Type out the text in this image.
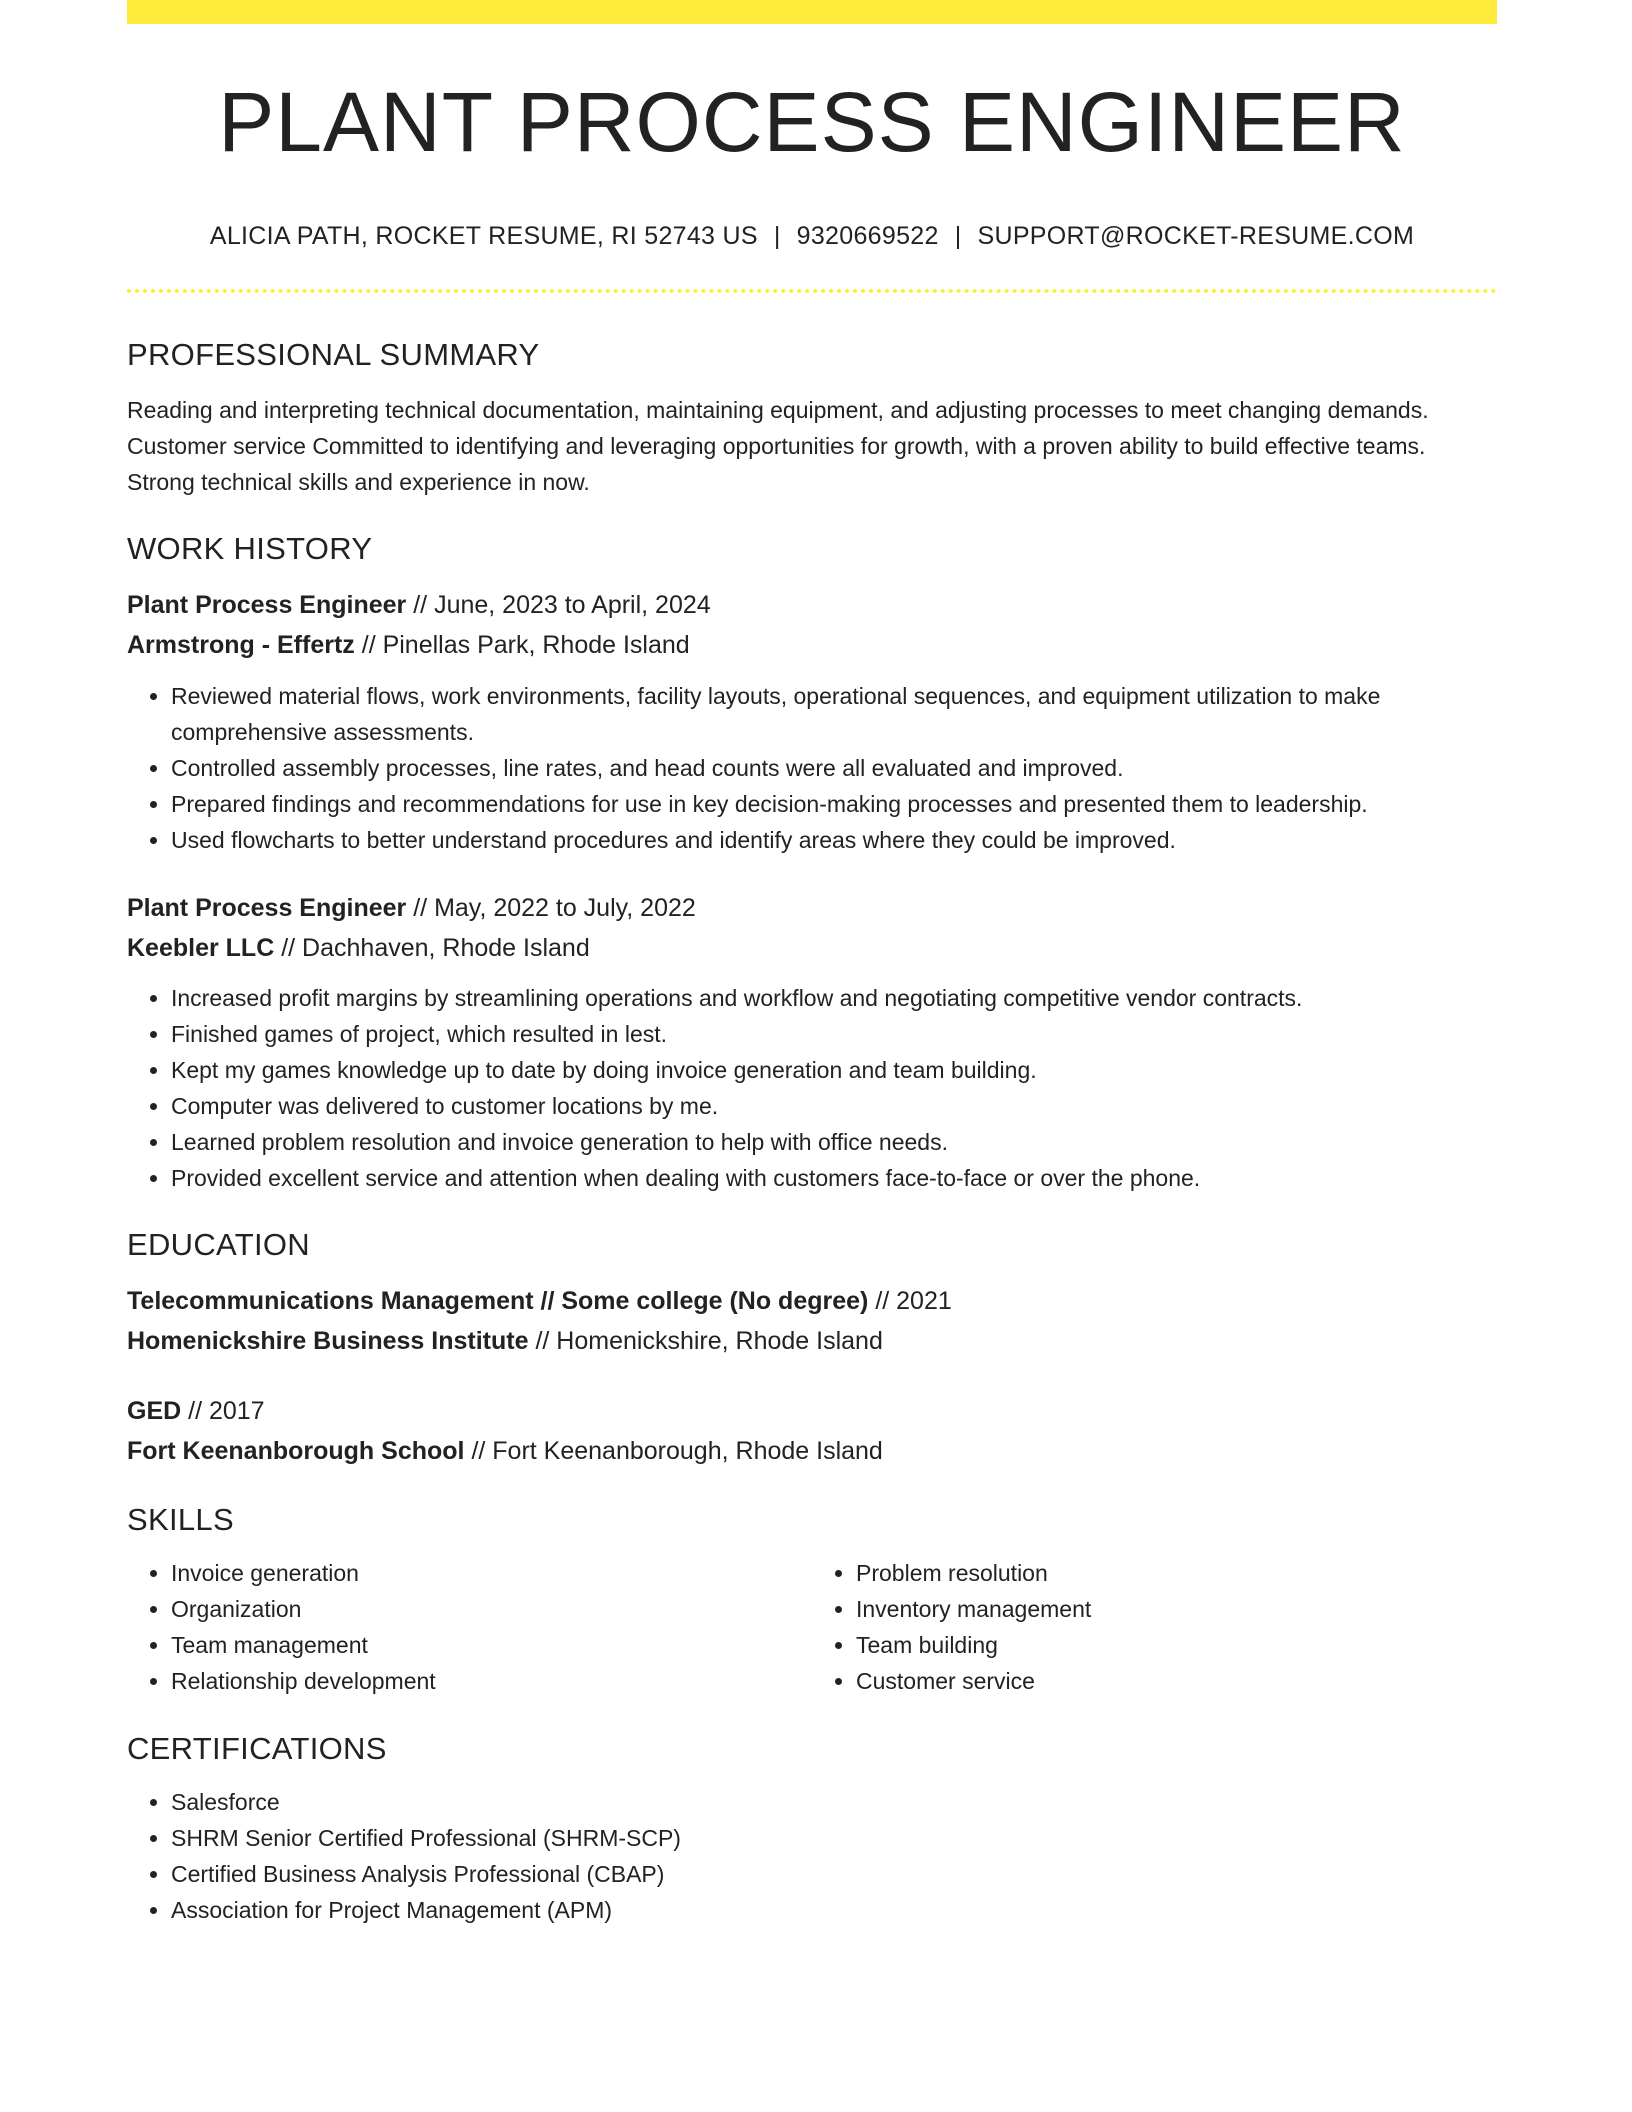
PLANT PROCESS ENGINEER
ALICIA PATH, ROCKET RESUME, RI 52743 US | 9320669522 | SUPPORT@ROCKET-RESUME.COM
PROFESSIONAL SUMMARY

Reading and interpreting technical documentation, maintaining equipment, and adjusting processes to meet changing demands. Customer service Committed to identifying and leveraging opportunities for growth, with a proven ability to build effective teams. Strong technical skills and experience in now.

WORK HISTORY

Plant Process Engineer // June, 2023 to April, 2024

Armstrong - Effertz // Pinellas Park, Rhode Island

• Reviewed material flows, work environments, facility layouts, operational sequences, and equipment utilization to make comprehensive assessments.
• Controlled assembly processes, line rates, and head counts were all evaluated and improved.
• Prepared findings and recommendations for use in key decision-making processes and presented them to leadership.
• Used flowcharts to better understand procedures and identify areas where they could be improved.

Plant Process Engineer // May, 2022 to July, 2022

Keebler LLC // Dachhaven, Rhode Island

• Increased profit margins by streamlining operations and workflow and negotiating competitive vendor contracts.
• Finished games of project, which resulted in lest.
• Kept my games knowledge up to date by doing invoice generation and team building.
• Computer was delivered to customer locations by me.
• Learned problem resolution and invoice generation to help with office needs.
• Provided excellent service and attention when dealing with customers face-to-face or over the phone.
EDUCATION

Telecommunications Management // Some college (No degree) // 2021

Homenickshire Business Institute // Homenickshire, Rhode Island

GED // 2017

Fort Keenanborough School // Fort Keenanborough, Rhode Island

SKILLS
• Invoice generation
• Organization
• Team management
• Relationship development
• Problem resolution
• Inventory management
• Team building
• Customer service
CERTIFICATIONS
• Salesforce
• SHRM Senior Certified Professional (SHRM-SCP)
• Certified Business Analysis Professional (CBAP)
• Association for Project Management (APM)
